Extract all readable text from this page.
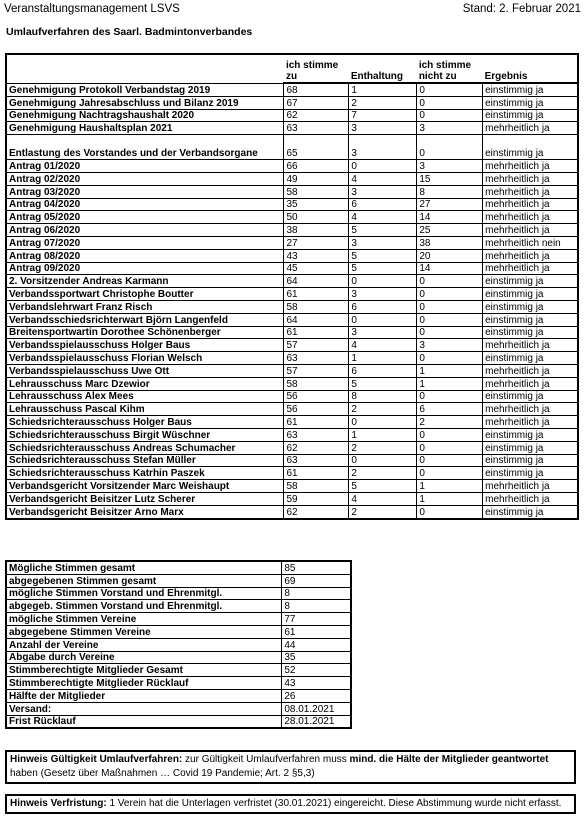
Veranstaltungsmanagement LSVS	Stand: 2. Februar 2021
Umlaufverfahren des Saarl. Badmintonverbandes
	ich stimme zu	Enthaltung	ich stimme nicht zu	Ergebnis
Genehmigung Protokoll Verbandstag 2019	68	1	0	einstimmig ja
Genehmigung Jahresabschluss und Bilanz 2019	67	2	0	einstimmig ja
Genehmigung Nachtragshaushalt 2020	62	7	0	einstimmig ja
Genehmigung Haushaltsplan 2021	63	3	3	mehrheitlich ja
Entlastung des Vorstandes und der Verbandsorgane	65	3	0	einstimmig ja
Antrag 01/2020	66	0	3	mehrheitlich ja
Antrag 02/2020	49	4	15	mehrheitlich ja
Antrag 03/2020	58	3	8	mehrheitlich ja
Antrag 04/2020	35	6	27	mehrheitlich ja
Antrag 05/2020	50	4	14	mehrheitlich ja
Antrag 06/2020	38	5	25	mehrheitlich ja
Antrag 07/2020	27	3	38	mehrheitlich nein
Antrag 08/2020	43	5	20	mehrheitlich ja
Antrag 09/2020	45	5	14	mehrheitlich ja
2. Vorsitzender Andreas Karmann	64	0	0	einstimmig ja
Verbandssportwart Christophe Boutter	61	3	0	einstimmig ja
Verbandslehrwart Franz Risch	58	6	0	einstimmig ja
Verbandsschiedsrichterwart Björn Langenfeld	64	0	0	einstimmig ja
Breitensportwartin Dorothee Schönenberger	61	3	0	einstimmig ja
Verbandsspielausschuss Holger Baus	57	4	3	mehrheitlich ja
Verbandsspielausschuss Florian Welsch	63	1	0	einstimmig ja
Verbandsspielausschuss Uwe Ott	57	6	1	mehrheitlich ja
Lehrausschuss Marc Dzewior	58	5	1	mehrheitlich ja
Lehrausschuss Alex Mees	56	8	0	einstimmig ja
Lehrausschuss Pascal Kihm	56	2	6	mehrheitlich ja
Schiedsrichterausschuss Holger Baus	61	0	2	mehrheitlich ja
Schiedsrichterausschuss Birgit Wüschner	63	1	0	einstimmig ja
Schiedsrichterausschuss Andreas Schumacher	62	2	0	einstimmig ja
Schiedsrichterausschuss Stefan Müller	63	0	0	einstimmig ja
Schiedsrichterausschuss Katrhin Paszek	61	2	0	einstimmig ja
Verbandsgericht Vorsitzender Marc Weishaupt	58	5	1	mehrheitlich ja
Verbandsgericht Beisitzer Lutz Scherer	59	4	1	mehrheitlich ja
Verbandsgericht Beisitzer Arno Marx	62	2	0	einstimmig ja
Mögliche Stimmen gesamt	85
abgegebenen Stimmen gesamt	69
mögliche Stimmen Vorstand und Ehrenmitgl.	8
abgegeb. Stimmen Vorstand und Ehrenmitgl.	8
mögliche Stimmen Vereine	77
abgegebene Stimmen Vereine	61
Anzahl der Vereine	44
Abgabe durch Vereine	35
Stimmberechtigte Mitglieder Gesamt	52
Stimmberechtigte Mitglieder Rücklauf	43
Hälfte der Mitglieder	26
Versand:	08.01.2021
Frist Rücklauf	28.01.2021
Hinweis Gültigkeit Umlaufverfahren: zur Gültigkeit Umlaufverfahren muss mind. die Hälte der Mitglieder geantwortet haben (Gesetz über Maßnahmen … Covid 19 Pandemie; Art. 2 §5,3)
Hinweis Verfristung: 1 Verein hat die Unterlagen verfristet (30.01.2021) eingereicht. Diese Abstimmung wurde nicht erfasst.
